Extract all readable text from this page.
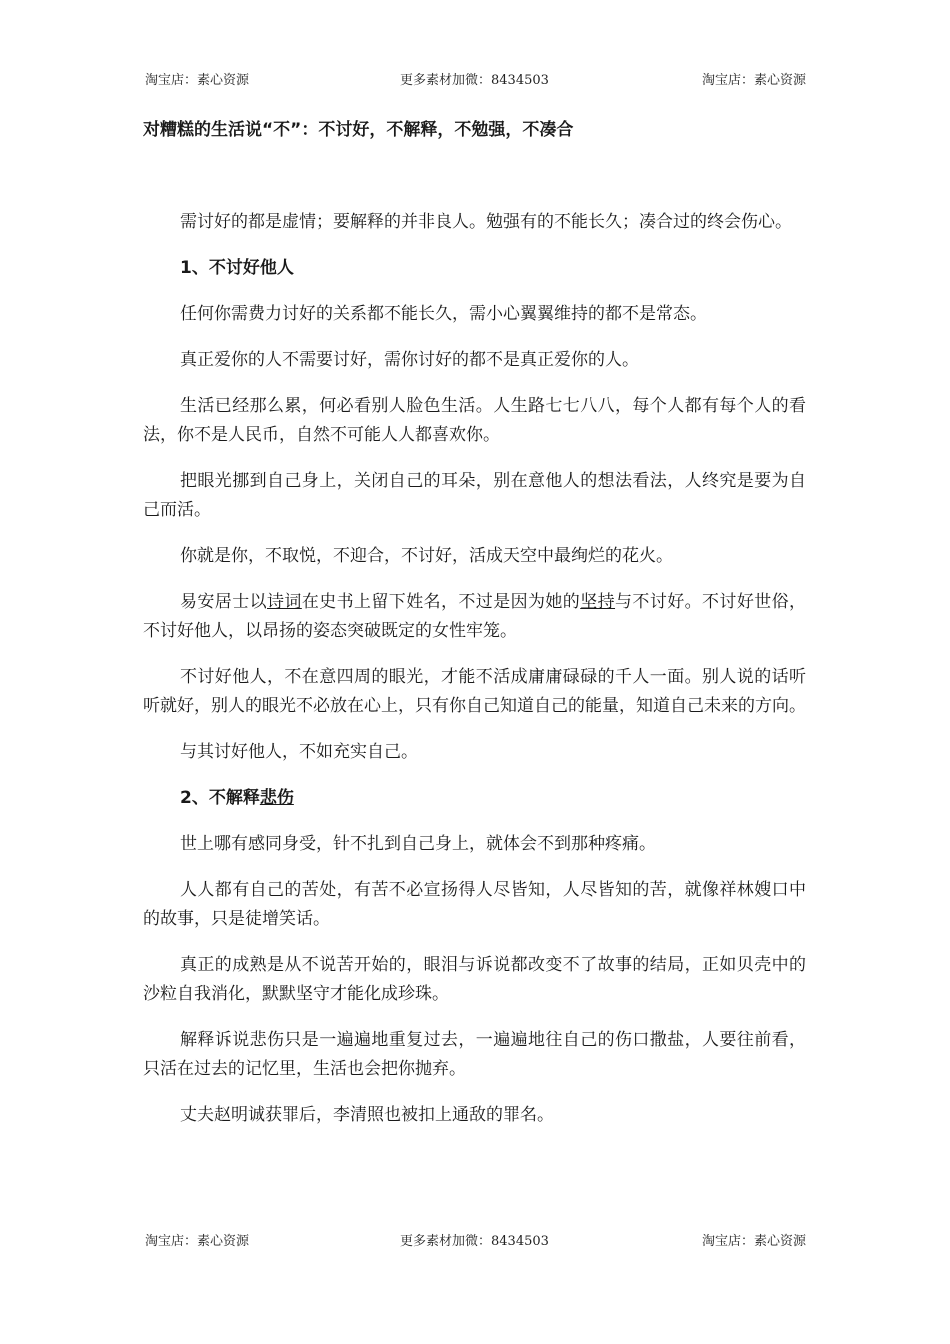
淘宝店：素心资源	更多素材加微：8434503	淘宝店：素心资源
对糟糕的生活说“不”：不讨好，不解释，不勉强，不凑合

需讨好的都是虚情；要解释的并非良人。勉强有的不能长久；凑合过的终会伤心。

1、不讨好他人

任何你需费力讨好的关系都不能长久，需小心翼翼维持的都不是常态。

真正爱你的人不需要讨好，需你讨好的都不是真正爱你的人。

生活已经那么累，何必看别人脸色生活。人生路七七八八，每个人都有每个人的看法，你不是人民币，自然不可能人人都喜欢你。

把眼光挪到自己身上，关闭自己的耳朵，别在意他人的想法看法，人终究是要为自己而活。

你就是你，不取悦，不迎合，不讨好，活成天空中最绚烂的花火。

易安居士以诗词在史书上留下姓名，不过是因为她的坚持与不讨好。不讨好世俗，不讨好他人，以昂扬的姿态突破既定的女性牢笼。

不讨好他人，不在意四周的眼光，才能不活成庸庸碌碌的千人一面。别人说的话听听就好，别人的眼光不必放在心上，只有你自己知道自己的能量，知道自己未来的方向。

与其讨好他人，不如充实自己。

2、不解释悲伤

世上哪有感同身受，针不扎到自己身上，就体会不到那种疼痛。

人人都有自己的苦处，有苦不必宣扬得人尽皆知，人尽皆知的苦，就像祥林嫂口中的故事，只是徒增笑话。

真正的成熟是从不说苦开始的，眼泪与诉说都改变不了故事的结局，正如贝壳中的沙粒自我消化，默默坚守才能化成珍珠。

解释诉说悲伤只是一遍遍地重复过去，一遍遍地往自己的伤口撒盐，人要往前看，只活在过去的记忆里，生活也会把你抛弃。

丈夫赵明诚获罪后，李清照也被扣上通敌的罪名。

淘宝店：素心资源	更多素材加微：8434503	淘宝店：素心资源
